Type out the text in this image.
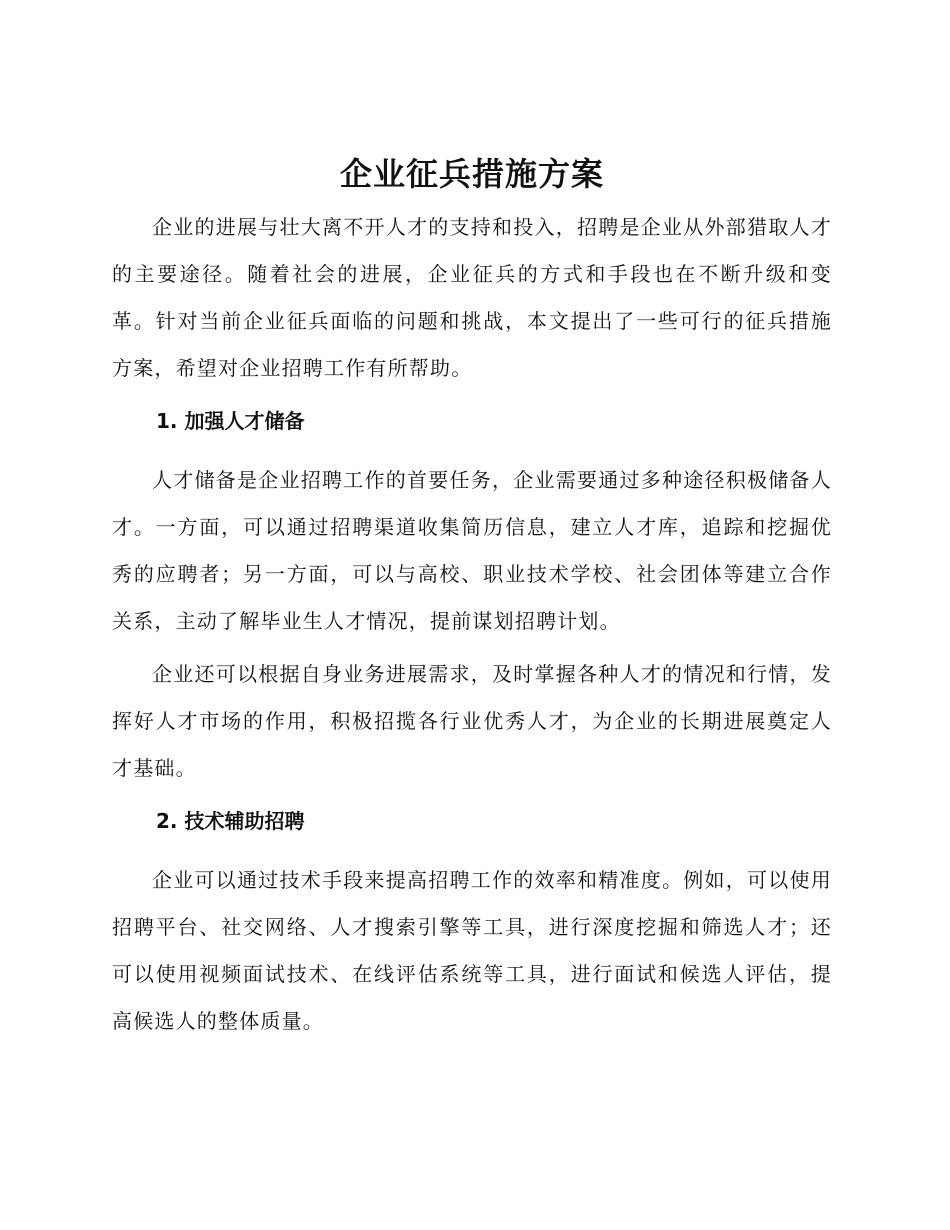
企业征兵措施方案

企业的进展与壮大离不开人才的支持和投入，招聘是企业从外部猎取人才的主要途径。随着社会的进展，企业征兵的方式和手段也在不断升级和变革。针对当前企业征兵面临的问题和挑战，本文提出了一些可行的征兵措施方案，希望对企业招聘工作有所帮助。

1. 加强人才储备

人才储备是企业招聘工作的首要任务，企业需要通过多种途径积极储备人才。一方面，可以通过招聘渠道收集简历信息，建立人才库，追踪和挖掘优秀的应聘者；另一方面，可以与高校、职业技术学校、社会团体等建立合作关系，主动了解毕业生人才情况，提前谋划招聘计划。

企业还可以根据自身业务进展需求，及时掌握各种人才的情况和行情，发挥好人才市场的作用，积极招揽各行业优秀人才，为企业的长期进展奠定人才基础。

2. 技术辅助招聘

企业可以通过技术手段来提高招聘工作的效率和精准度。例如，可以使用招聘平台、社交网络、人才搜索引擎等工具，进行深度挖掘和筛选人才；还可以使用视频面试技术、在线评估系统等工具，进行面试和候选人评估，提高候选人的整体质量。
